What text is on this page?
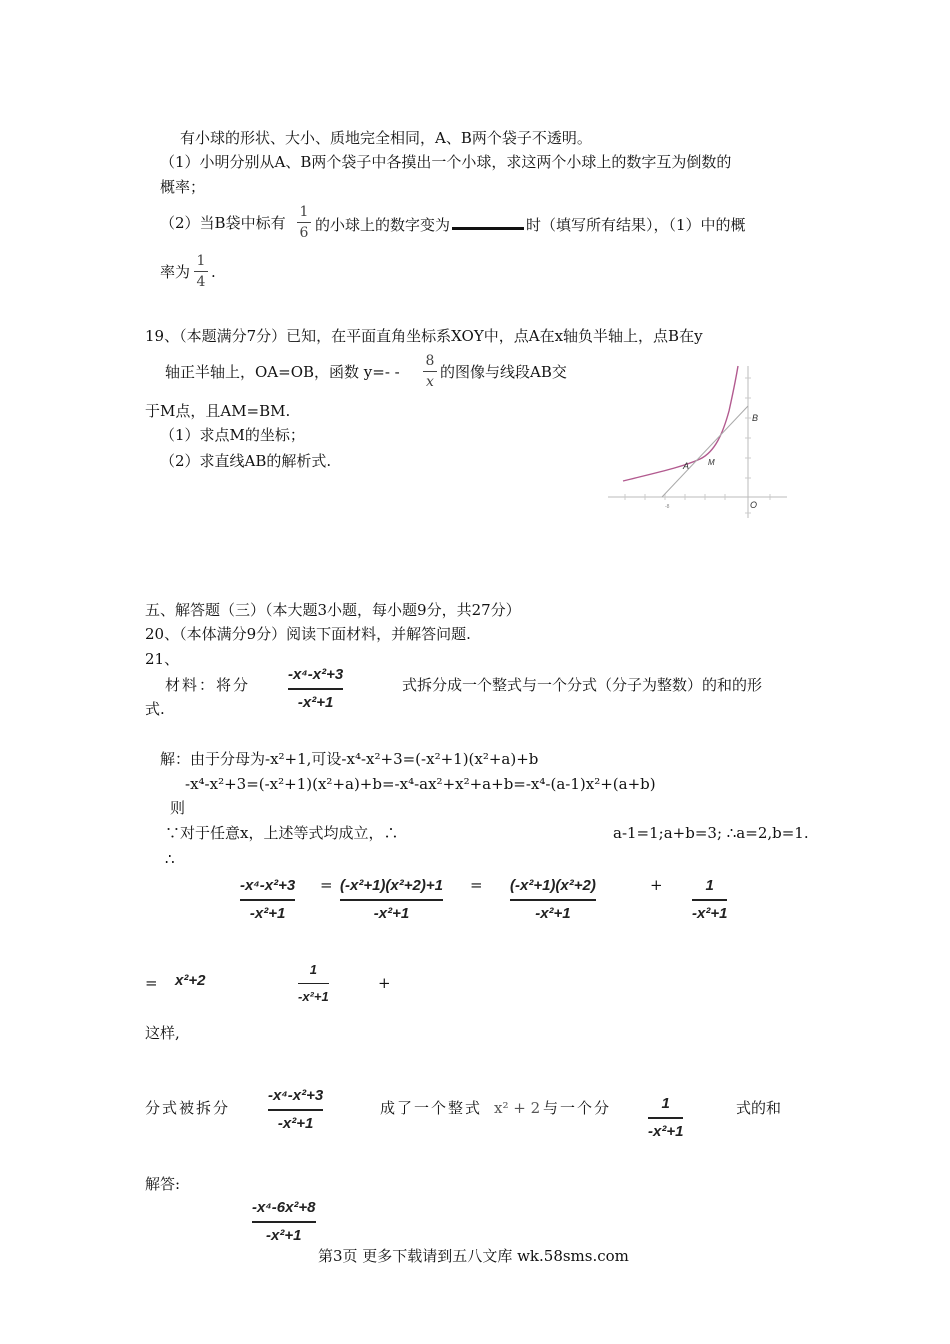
有小球的形状、大小、质地完全相同，A、B两个袋子不透明。
（1）小明分别从A、B两个袋子中各摸出一个小球，求这两个小球上的数字互为倒数的
概率；
（2）当B袋中标有
1
6 的小球上的数字变为	时（填写所有结果），（1）中的概
率为
1
4
.
19、（本题满分7分）已知，在平面直角坐标系XOY中，点A在x轴负半轴上，点B在y
轴正半轴上，OA=OB，函数 y=- -
8
x
的图像与线段AB交
于M点，且AM=BM.
（1）求点M的坐标；
（2）求直线AB的解析式.
B
A M
O
-8
五、解答题（三）（本大题3小题，每小题9分，共27分）
20、（本体满分9分）阅读下面材料，并解答问题.
21、
材料：将分
-x⁴-x²+3
-x²+1
式拆分成一个整式与一个分式（分子为整数）的和的形
式.
解：由于分母为-x²+1,可设-x⁴-x²+3=(-x²+1)(x²+a)+b
-x⁴-x²+3=(-x²+1)(x²+a)+b=-x⁴-ax²+x²+a+b=-x⁴-(a-1)x²+(a+b)
则
∵对于任意x，上述等式均成立，∴	a-1=1;a+b=3; ∴a=2,b=1.
∴
-x⁴-x²+3
-x²+1
= (-x²+1)(x²+2)+1
-x²+1
= (-x²+1)(x²+2)
-x²+1
+	1
-x²+1
= x²+2
1
-x²+1
+
这样,
分式被拆分
-x⁴-x²+3
-x²+1
成了一个整式 x² + 2 与一个分	1
-x²+1
式的和
解答:
-x⁴-6x²+8
-x²+1
第3页 更多下载请到五八文库 wk.58sms.com
